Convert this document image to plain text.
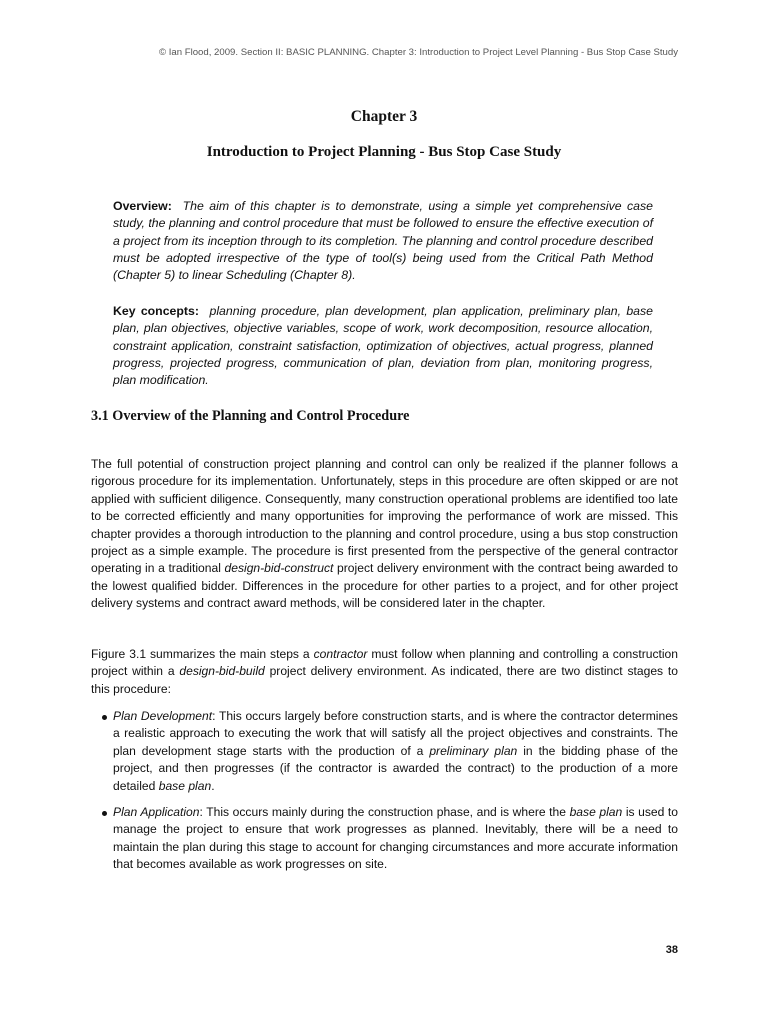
© Ian Flood, 2009. Section II: BASIC PLANNING. Chapter 3: Introduction to Project Level Planning - Bus Stop Case Study
Chapter 3
Introduction to Project Planning - Bus Stop Case Study
Overview: The aim of this chapter is to demonstrate, using a simple yet comprehensive case study, the planning and control procedure that must be followed to ensure the effective execution of a project from its inception through to its completion. The planning and control procedure described must be adopted irrespective of the type of tool(s) being used from the Critical Path Method (Chapter 5) to linear Scheduling (Chapter 8).
Key concepts: planning procedure, plan development, plan application, preliminary plan, base plan, plan objectives, objective variables, scope of work, work decomposition, resource allocation, constraint application, constraint satisfaction, optimization of objectives, actual progress, planned progress, projected progress, communication of plan, deviation from plan, monitoring progress, plan modification.
3.1 Overview of the Planning and Control Procedure
The full potential of construction project planning and control can only be realized if the planner follows a rigorous procedure for its implementation. Unfortunately, steps in this procedure are often skipped or are not applied with sufficient diligence. Consequently, many construction operational problems are identified too late to be corrected efficiently and many opportunities for improving the performance of work are missed. This chapter provides a thorough introduction to the planning and control procedure, using a bus stop construction project as a simple example. The procedure is first presented from the perspective of the general contractor operating in a traditional design-bid-construct project delivery environment with the contract being awarded to the lowest qualified bidder. Differences in the procedure for other parties to a project, and for other project delivery systems and contract award methods, will be considered later in the chapter.
Figure 3.1 summarizes the main steps a contractor must follow when planning and controlling a construction project within a design-bid-build project delivery environment. As indicated, there are two distinct stages to this procedure:
Plan Development: This occurs largely before construction starts, and is where the contractor determines a realistic approach to executing the work that will satisfy all the project objectives and constraints. The plan development stage starts with the production of a preliminary plan in the bidding phase of the project, and then progresses (if the contractor is awarded the contract) to the production of a more detailed base plan.
Plan Application: This occurs mainly during the construction phase, and is where the base plan is used to manage the project to ensure that work progresses as planned. Inevitably, there will be a need to maintain the plan during this stage to account for changing circumstances and more accurate information that becomes available as work progresses on site.
38
